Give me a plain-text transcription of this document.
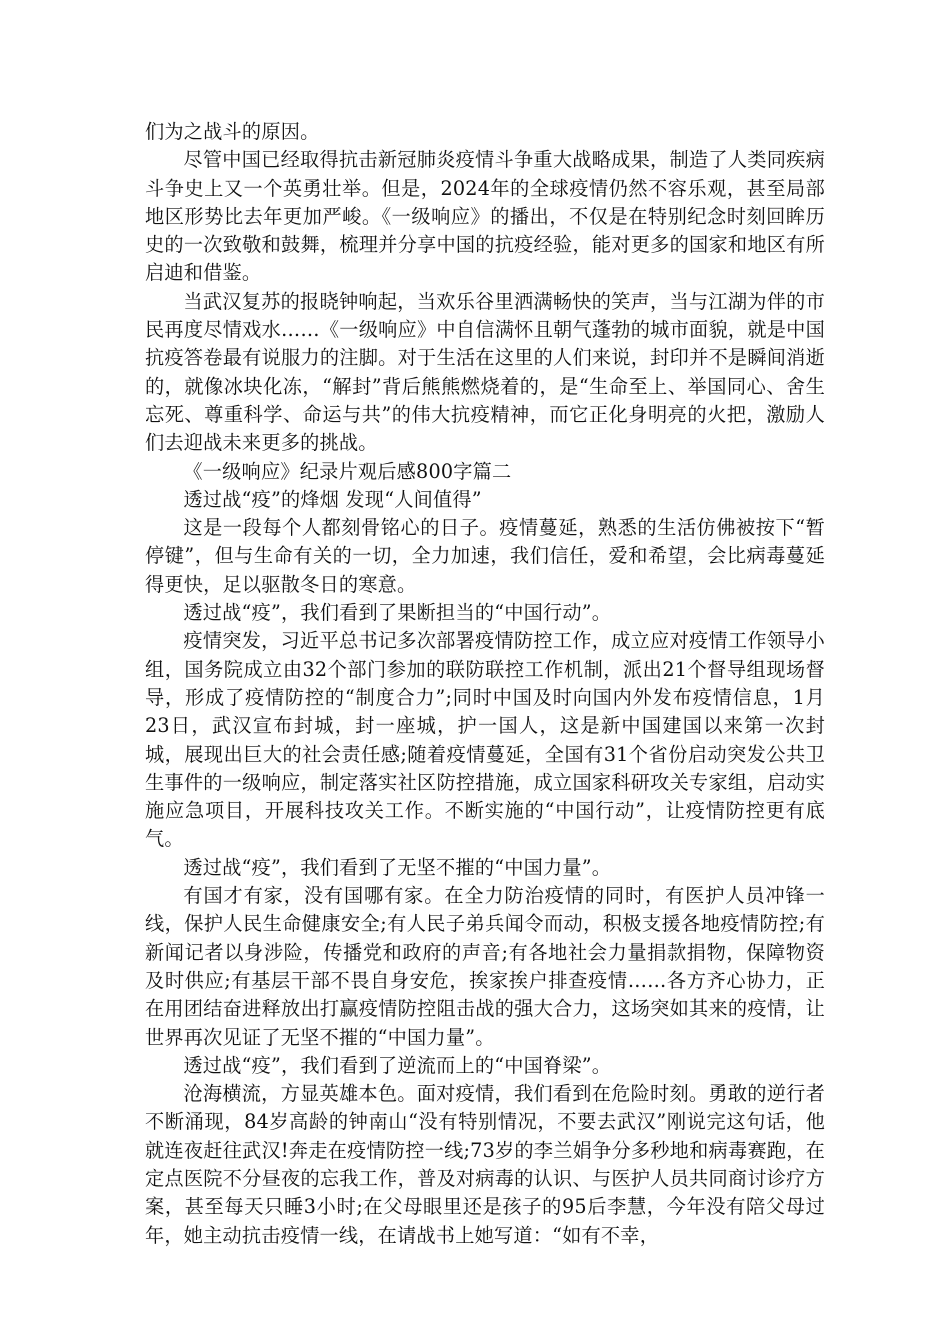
们为之战斗的原因。

尽管中国已经取得抗击新冠肺炎疫情斗争重大战略成果，制造了人类同疾病斗争史上又一个英勇壮举。但是，2024年的全球疫情仍然不容乐观，甚至局部地区形势比去年更加严峻。《一级响应》的播出，不仅是在特别纪念时刻回眸历史的一次致敬和鼓舞，梳理并分享中国的抗疫经验，能对更多的国家和地区有所启迪和借鉴。

当武汉复苏的报晓钟响起，当欢乐谷里洒满畅快的笑声，当与江湖为伴的市民再度尽情戏水……《一级响应》中自信满怀且朝气蓬勃的城市面貌，就是中国抗疫答卷最有说服力的注脚。对于生活在这里的人们来说，封印并不是瞬间消逝的，就像冰块化冻，“解封”背后熊熊燃烧着的，是“生命至上、举国同心、舍生忘死、尊重科学、命运与共”的伟大抗疫精神，而它正化身明亮的火把，激励人们去迎战未来更多的挑战。

《一级响应》纪录片观后感800字篇二

透过战“疫”的烽烟 发现“人间值得”

这是一段每个人都刻骨铭心的日子。疫情蔓延，熟悉的生活仿佛被按下“暂停键”，但与生命有关的一切，全力加速，我们信任，爱和希望，会比病毒蔓延得更快，足以驱散冬日的寒意。

透过战“疫”，我们看到了果断担当的“中国行动”。

疫情突发，习近平总书记多次部署疫情防控工作，成立应对疫情工作领导小组，国务院成立由32个部门参加的联防联控工作机制，派出21个督导组现场督导，形成了疫情防控的“制度合力”;同时中国及时向国内外发布疫情信息，1月23日，武汉宣布封城，封一座城，护一国人，这是新中国建国以来第一次封城，展现出巨大的社会责任感;随着疫情蔓延，全国有31个省份启动突发公共卫生事件的一级响应，制定落实社区防控措施，成立国家科研攻关专家组，启动实施应急项目，开展科技攻关工作。不断实施的“中国行动”，让疫情防控更有底气。

透过战“疫”，我们看到了无坚不摧的“中国力量”。

有国才有家，没有国哪有家。在全力防治疫情的同时，有医护人员冲锋一线，保护人民生命健康安全;有人民子弟兵闻令而动，积极支援各地疫情防控;有新闻记者以身涉险，传播党和政府的声音;有各地社会力量捐款捐物，保障物资及时供应;有基层干部不畏自身安危，挨家挨户排查疫情……各方齐心协力，正在用团结奋进释放出打赢疫情防控阻击战的强大合力，这场突如其来的疫情，让世界再次见证了无坚不摧的“中国力量”。

透过战“疫”，我们看到了逆流而上的“中国脊梁”。

沧海横流，方显英雄本色。面对疫情，我们看到在危险时刻。勇敢的逆行者不断涌现，84岁高龄的钟南山“没有特别情况，不要去武汉”刚说完这句话，他就连夜赶往武汉!奔走在疫情防控一线;73岁的李兰娟争分多秒地和病毒赛跑，在定点医院不分昼夜的忘我工作，普及对病毒的认识、与医护人员共同商讨诊疗方案，甚至每天只睡3小时;在父母眼里还是孩子的95后李慧，今年没有陪父母过年，她主动抗击疫情一线，在请战书上她写道：“如有不幸，
